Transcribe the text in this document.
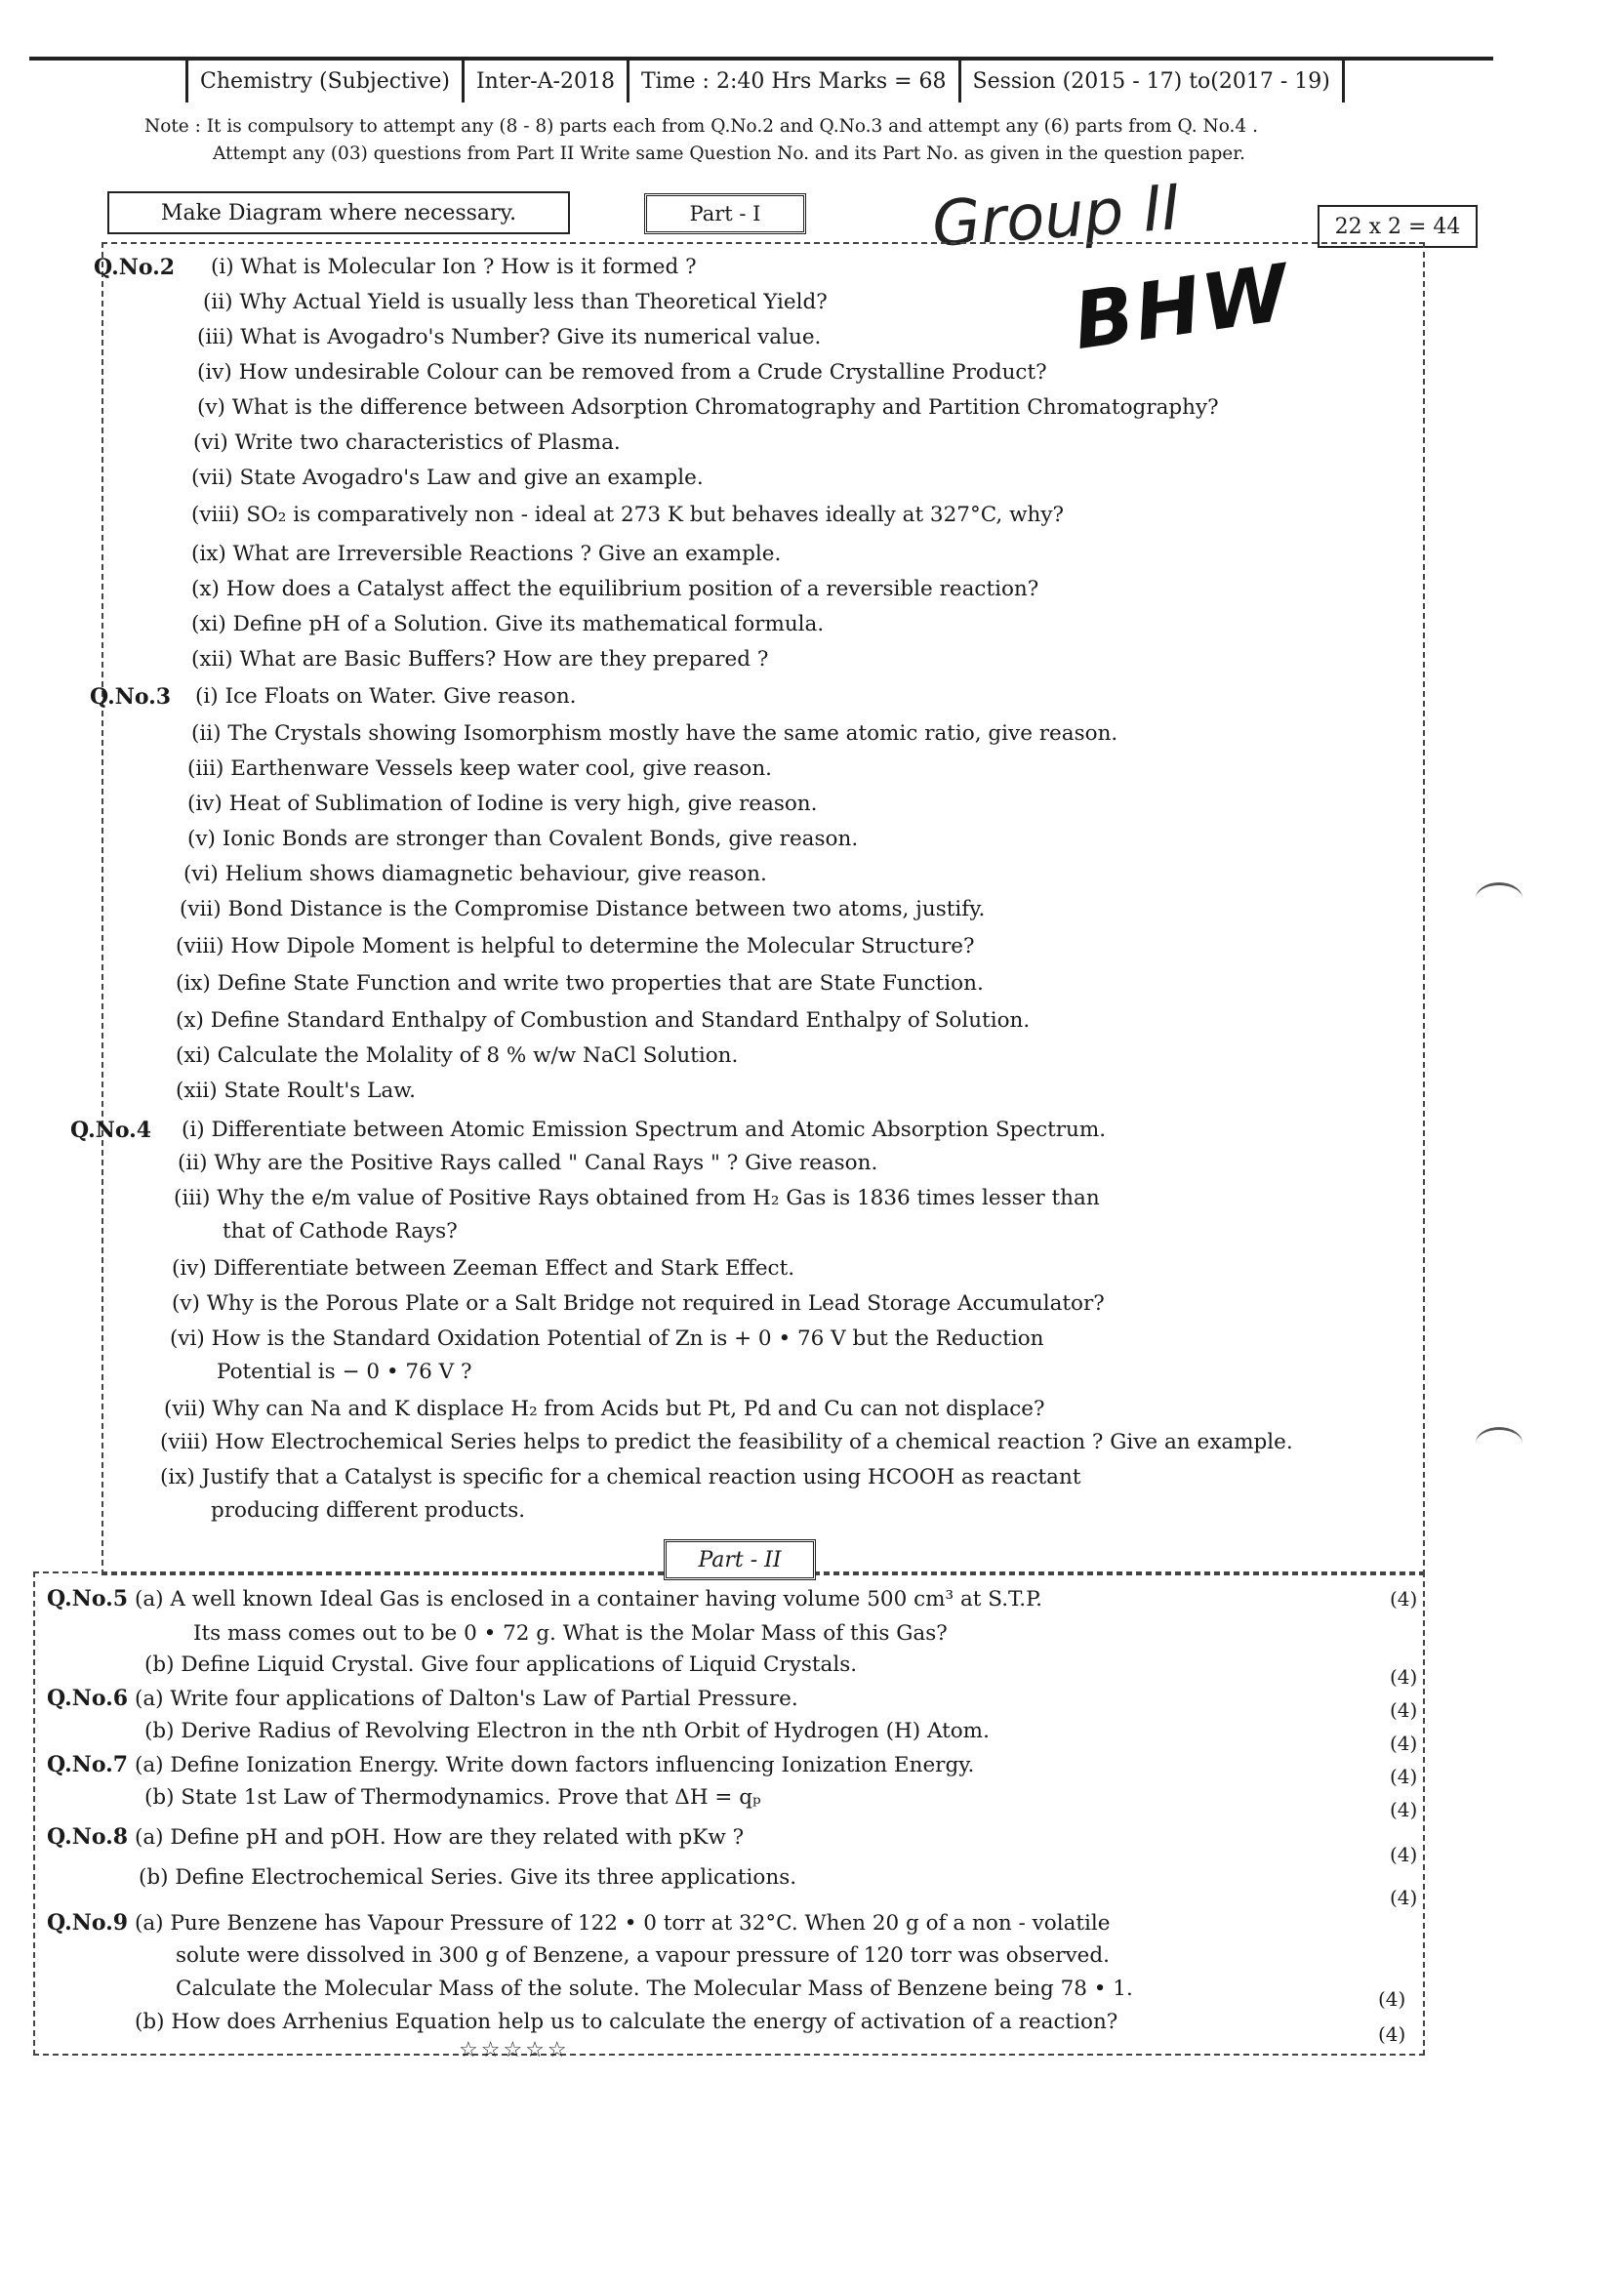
Chemistry (Subjective)	Inter-A-2018	Time : 2:40 Hrs Marks = 68	Session (2015 - 17) to(2017 - 19)
Note : It is compulsory to attempt any (8 - 8) parts each from Q.No.2 and Q.No.3 and attempt any (6) parts from Q. No.4 .
Attempt any (03) questions from Part II Write same Question No. and its Part No. as given in the question paper.
Make Diagram where necessary.	Part - I	Group II	22 x 2 = 44
BHW
Q.No.2 (i) What is Molecular Ion ? How is it formed ?
(ii) Why Actual Yield is usually less than Theoretical Yield?
(iii) What is Avogadro's Number? Give its numerical value.
(iv) How undesirable Colour can be removed from a Crude Crystalline Product?
(v) What is the difference between Adsorption Chromatography and Partition Chromatography?
(vi) Write two characteristics of Plasma.
(vii) State Avogadro's Law and give an example.
(viii) SO₂ is comparatively non - ideal at 273 K but behaves ideally at 327°C, why?
(ix) What are Irreversible Reactions ? Give an example.
(x) How does a Catalyst affect the equilibrium position of a reversible reaction?
(xi) Define pH of a Solution. Give its mathematical formula.
(xii) What are Basic Buffers? How are they prepared ?
Q.No.3 (i) Ice Floats on Water. Give reason.
(ii) The Crystals showing Isomorphism mostly have the same atomic ratio, give reason.
(iii) Earthenware Vessels keep water cool, give reason.
(iv) Heat of Sublimation of Iodine is very high, give reason.
(v) Ionic Bonds are stronger than Covalent Bonds, give reason.
(vi) Helium shows diamagnetic behaviour, give reason.
(vii) Bond Distance is the Compromise Distance between two atoms, justify.
(viii) How Dipole Moment is helpful to determine the Molecular Structure?
(ix) Define State Function and write two properties that are State Function.
(x) Define Standard Enthalpy of Combustion and Standard Enthalpy of Solution.
(xi) Calculate the Molality of 8 % w/w NaCl Solution.
(xii) State Roult's Law.
Q.No.4 (i) Differentiate between Atomic Emission Spectrum and Atomic Absorption Spectrum.
(ii) Why are the Positive Rays called " Canal Rays " ? Give reason.
(iii) Why the e/m value of Positive Rays obtained from H₂ Gas is 1836 times lesser than
that of Cathode Rays?
(iv) Differentiate between Zeeman Effect and Stark Effect.
(v) Why is the Porous Plate or a Salt Bridge not required in Lead Storage Accumulator?
(vi) How is the Standard Oxidation Potential of Zn is + 0 • 76 V but the Reduction
Potential is − 0 • 76 V ?
(vii) Why can Na and K displace H₂ from Acids but Pt, Pd and Cu can not displace?
(viii) How Electrochemical Series helps to predict the feasibility of a chemical reaction ? Give an example.
(ix) Justify that a Catalyst is specific for a chemical reaction using HCOOH as reactant
producing different products.
Part - II
Q.No.5 (a) A well known Ideal Gas is enclosed in a container having volume 500 cm³ at S.T.P.	(4)
Its mass comes out to be 0 • 72 g. What is the Molar Mass of this Gas?
(b) Define Liquid Crystal. Give four applications of Liquid Crystals.	(4)
Q.No.6 (a) Write four applications of Dalton's Law of Partial Pressure.	(4)
(b) Derive Radius of Revolving Electron in the nth Orbit of Hydrogen (H) Atom.	(4)
Q.No.7 (a) Define Ionization Energy. Write down factors influencing Ionization Energy.	(4)
(b) State 1st Law of Thermodynamics. Prove that ΔH = qₚ	(4)
Q.No.8 (a) Define pH and pOH. How are they related with pKw ?
(4)
(b) Define Electrochemical Series. Give its three applications.
(4)
Q.No.9 (a) Pure Benzene has Vapour Pressure of 122 • 0 torr at 32°C. When 20 g of a non - volatile
solute were dissolved in 300 g of Benzene, a vapour pressure of 120 torr was observed.
Calculate the Molecular Mass of the solute. The Molecular Mass of Benzene being 78 • 1.	(4)
(b) How does Arrhenius Equation help us to calculate the energy of activation of a reaction?	(4)
☆☆☆☆☆
